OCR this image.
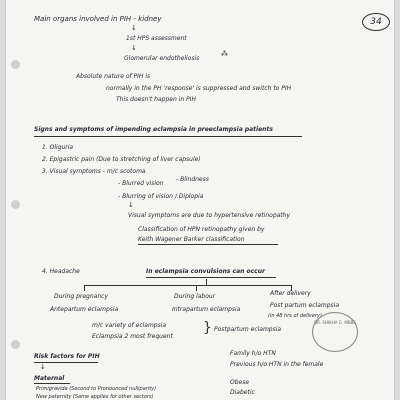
34
Main organs involved in PIH - kidney
↓
1st HPS assessment
↓
Glomerular endotheliosis
⁂
Absolute nature of PIH is
normally in the PH 'response' is suppressed and switch to PIH
This doesn't happen in PIH
Signs and symptoms of impending eclampsia in preeclampsia patients
1. Oliguria
2. Epigastric pain (Due to stretching of liver capsule)
3. Visual symptoms - m/c scotoma
- Blurred vision
- Blindness
- Blurring of vision / Diplopia
↓
Visual symptoms are due to hypertensive retinopathy
Classification of HPN retinopathy given by
Keith Wagener Barker classification
4. Headache	In eclampsia convulsions can occur
During pregnancy
Antepartum eclampsia
During labour
Intrapartum eclampsia
After delivery
Post partum eclampsia
(in 48 hrs of delivery)
m/c variety of eclampsia
Eclampsia 2 most frequent
} Postpartum eclampsia
DR. SHIKHA G. MBBS
Risk factors for PIH
↓
Maternal
Primigravida (Second to Pronounced nulliparity)
New paternity (Same applies for other sectors)
Family h/o HTN
Previous h/o HTN in the female
Obese
Diabetic
